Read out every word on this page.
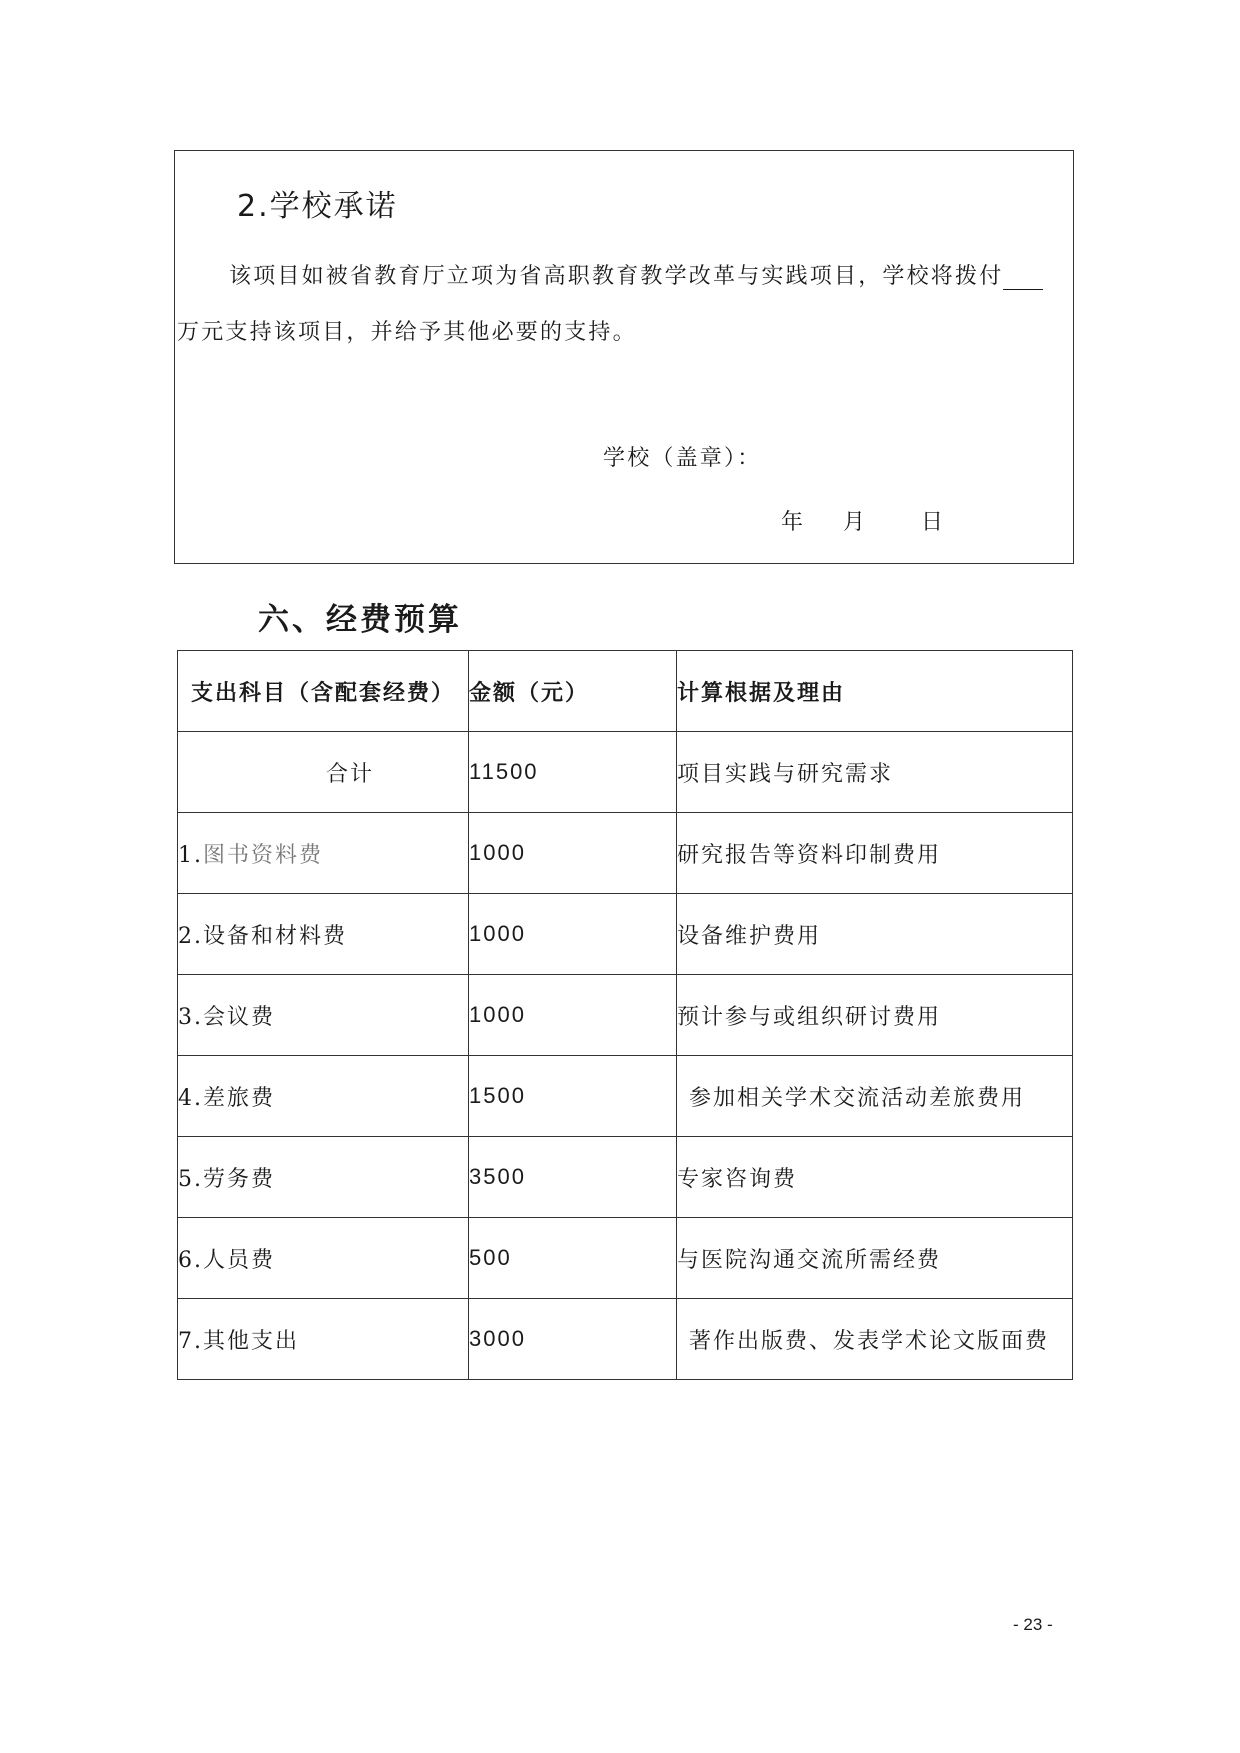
2.学校承诺
该项目如被省教育厅立项为省高职教育教学改革与实践项目，学校将拨付
万元支持该项目，并给予其他必要的支持。
学校（盖章）：
年 月	日
六、经费预算
支出科目（含配套经费）	金额（元）	计算根据及理由
合计	11500	项目实践与研究需求
1.图书资料费	1000	研究报告等资料印制费用
2.设备和材料费	1000	设备维护费用
3.会议费	1000	预计参与或组织研讨费用
4.差旅费	1500	参加相关学术交流活动差旅费用
5.劳务费	3500	专家咨询费
6.人员费	500	与医院沟通交流所需经费
7.其他支出	3000	著作出版费、发表学术论文版面费
- 23 -
